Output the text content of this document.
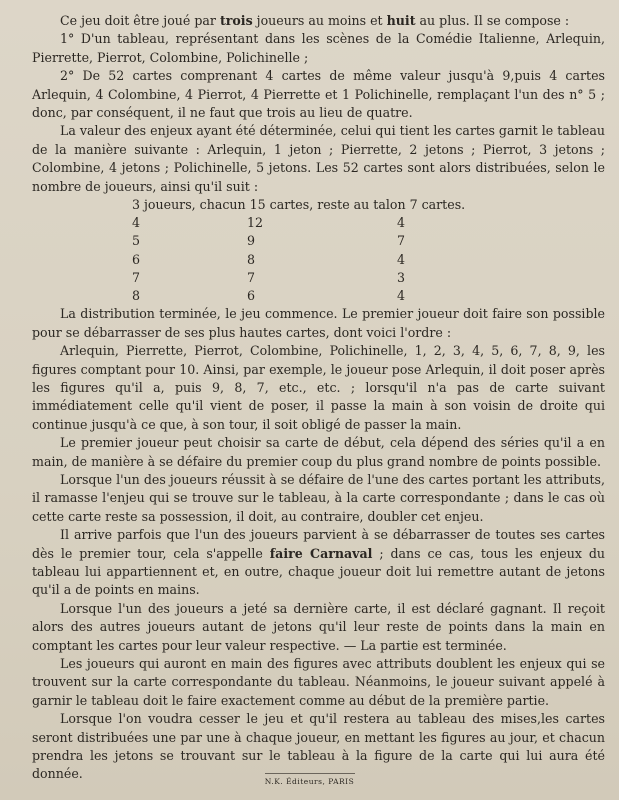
Ce jeu doit être joué par trois joueurs au moins et huit au plus. Il se compose :

1° D'un tableau, représentant dans les scènes de la Comédie Italienne, Arlequin, Pierrette, Pierrot, Colombine, Polichinelle ;

2° De 52 cartes comprenant 4 cartes de même valeur jusqu'à 9,puis 4 cartes Arlequin, 4 Colombine, 4 Pierrot, 4 Pierrette et 1 Polichinelle, remplaçant l'un des n° 5 ; donc, par conséquent, il ne faut que trois au lieu de quatre.

La valeur des enjeux ayant été déterminée, celui qui tient les cartes garnit le tableau de la manière suivante : Arlequin, 1 jeton ; Pierrette, 2 jetons ; Pierrot, 3 jetons ; Colombine, 4 jetons ; Polichinelle, 5 jetons. Les 52 cartes sont alors distribuées, selon le nombre de joueurs, ainsi qu'il suit :

3 joueurs, chacun 15 cartes, reste au talon 7 cartes.
4	12	4
5	9	7
6	8	4
7	7	3
8	6	4

La distribution terminée, le jeu commence. Le premier joueur doit faire son possible pour se débarrasser de ses plus hautes cartes, dont voici l'ordre :

Arlequin, Pierrette, Pierrot, Colombine, Polichinelle, 1, 2, 3, 4, 5, 6, 7, 8, 9, les figures comptant pour 10. Ainsi, par exemple, le joueur pose Arlequin, il doit poser après les figures qu'il a, puis 9, 8, 7, etc., etc. ; lorsqu'il n'a pas de carte suivant immédiatement celle qu'il vient de poser, il passe la main à son voisin de droite qui continue jusqu'à ce que, à son tour, il soit obligé de passer la main.

Le premier joueur peut choisir sa carte de début, cela dépend des séries qu'il a en main, de manière à se défaire du premier coup du plus grand nombre de points possible.

Lorsque l'un des joueurs réussit à se défaire de l'une des cartes portant les attributs, il ramasse l'enjeu qui se trouve sur le tableau, à la carte correspondante ; dans le cas où cette carte reste sa possession, il doit, au contraire, doubler cet enjeu.

Il arrive parfois que l'un des joueurs parvient à se débarrasser de toutes ses cartes dès le premier tour, cela s'appelle faire Carnaval ; dans ce cas, tous les enjeux du tableau lui appartiennent et, en outre, chaque joueur doit lui remettre autant de jetons qu'il a de points en mains.

Lorsque l'un des joueurs a jeté sa dernière carte, il est déclaré gagnant. Il reçoit alors des autres joueurs autant de jetons qu'il leur reste de points dans la main en comptant les cartes pour leur valeur respective. — La partie est terminée.

Les joueurs qui auront en main des figures avec attributs doublent les enjeux qui se trouvent sur la carte correspondante du tableau. Néanmoins, le joueur suivant appelé à garnir le tableau doit le faire exactement comme au début de la première partie.

Lorsque l'on voudra cesser le jeu et qu'il restera au tableau des mises,les cartes seront distribuées une par une à chaque joueur, en mettant les figures au jour, et chacun prendra les jetons se trouvant sur le tableau à la figure de la carte qui lui aura été donnée.

N.K. Éditeurs, PARIS
